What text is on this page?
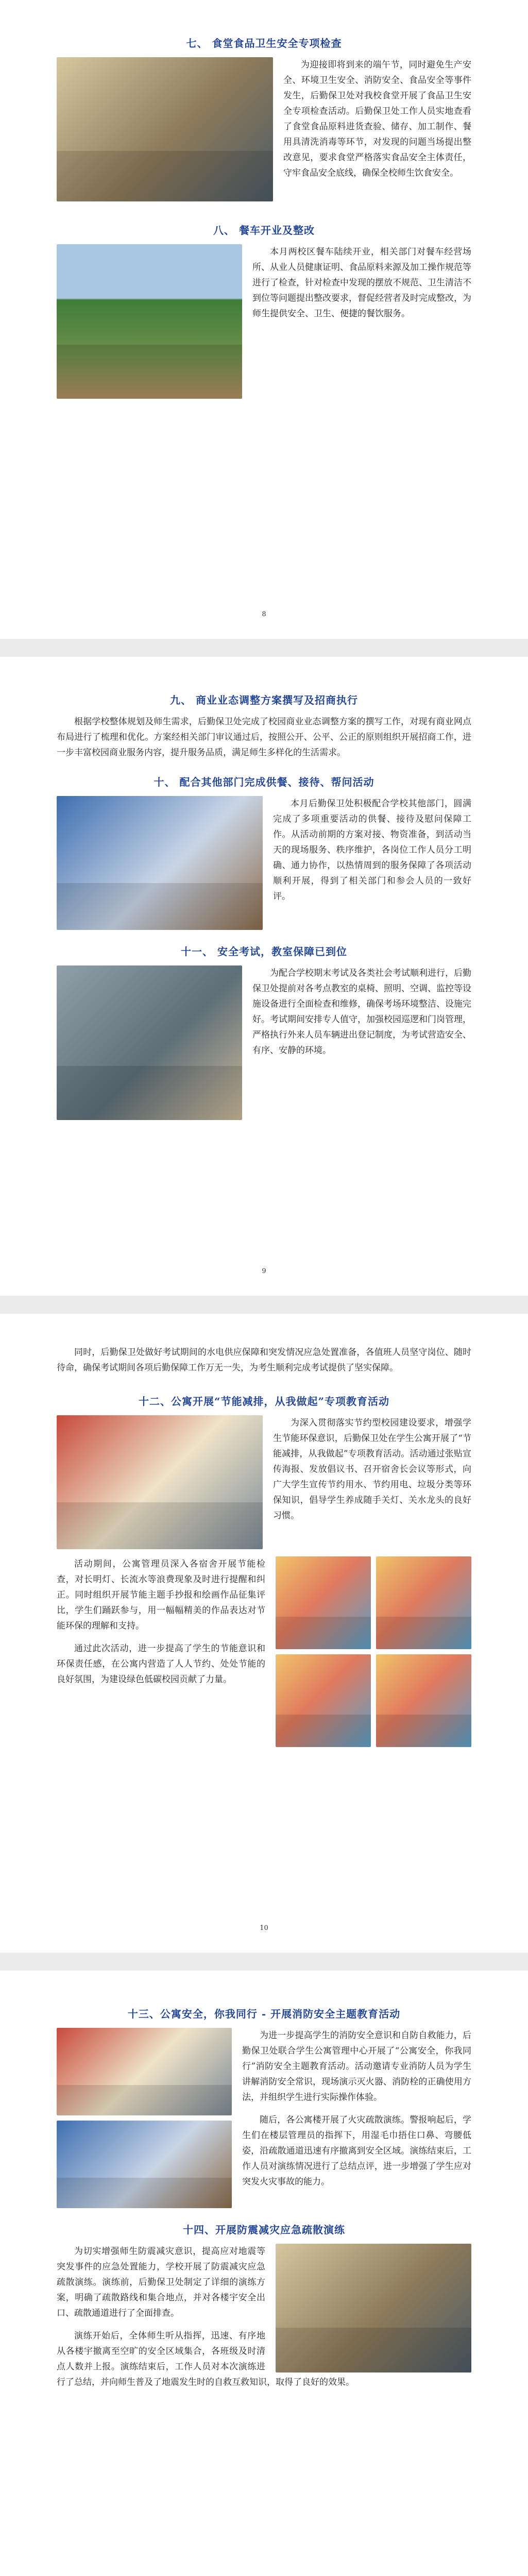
七、 食堂食品卫生安全专项检查

为迎接即将到来的端午节，同时避免生产安全、环境卫生安全、消防安全、食品安全等事件发生，后勤保卫处对我校食堂开展了食品卫生安全专项检查活动。后勤保卫处工作人员实地查看了食堂食品原料进货查验、储存、加工制作、餐用具清洗消毒等环节，对发现的问题当场提出整改意见，要求食堂严格落实食品安全主体责任，守牢食品安全底线，确保全校师生饮食安全。

八、 餐车开业及整改

本月两校区餐车陆续开业，相关部门对餐车经营场所、从业人员健康证明、食品原料来源及加工操作规范等进行了检查，针对检查中发现的摆放不规范、卫生清洁不到位等问题提出整改要求，督促经营者及时完成整改，为师生提供安全、卫生、便捷的餐饮服务。

8
九、 商业业态调整方案撰写及招商执行

根据学校整体规划及师生需求，后勤保卫处完成了校园商业业态调整方案的撰写工作，对现有商业网点布局进行了梳理和优化。方案经相关部门审议通过后，按照公开、公平、公正的原则组织开展招商工作，进一步丰富校园商业服务内容，提升服务品质，满足师生多样化的生活需求。

十、 配合其他部门完成供餐、接待、帮问活动

本月后勤保卫处积极配合学校其他部门，圆满完成了多项重要活动的供餐、接待及慰问保障工作。从活动前期的方案对接、物资准备，到活动当天的现场服务、秩序维护，各岗位工作人员分工明确、通力协作，以热情周到的服务保障了各项活动顺利开展，得到了相关部门和参会人员的一致好评。

十一、 安全考试，教室保障已到位

为配合学校期末考试及各类社会考试顺利进行，后勤保卫处提前对各考点教室的桌椅、照明、空调、监控等设施设备进行全面检查和维修，确保考场环境整洁、设施完好。考试期间安排专人值守，加强校园巡逻和门岗管理，严格执行外来人员车辆进出登记制度，为考试营造安全、有序、安静的环境。

9

同时，后勤保卫处做好考试期间的水电供应保障和突发情况应急处置准备，各值班人员坚守岗位、随时待命，确保考试期间各项后勤保障工作万无一失，为考生顺利完成考试提供了坚实保障。

十二、公寓开展“节能减排，从我做起”专项教育活动

为深入贯彻落实节约型校园建设要求，增强学生节能环保意识，后勤保卫处在学生公寓开展了“节能减排，从我做起”专项教育活动。活动通过张贴宣传海报、发放倡议书、召开宿舍长会议等形式，向广大学生宣传节约用水、节约用电、垃圾分类等环保知识，倡导学生养成随手关灯、关水龙头的良好习惯。

活动期间，公寓管理员深入各宿舍开展节能检查，对长明灯、长流水等浪费现象及时进行提醒和纠正。同时组织开展节能主题手抄报和绘画作品征集评比，学生们踊跃参与，用一幅幅精美的作品表达对节能环保的理解和支持。

通过此次活动，进一步提高了学生的节能意识和环保责任感，在公寓内营造了人人节约、处处节能的良好氛围，为建设绿色低碳校园贡献了力量。

10
十三、公寓安全，你我同行 - 开展消防安全主题教育活动

为进一步提高学生的消防安全意识和自防自救能力，后勤保卫处联合学生公寓管理中心开展了“公寓安全，你我同行”消防安全主题教育活动。活动邀请专业消防人员为学生讲解消防安全常识，现场演示灭火器、消防栓的正确使用方法，并组织学生进行实际操作体验。

随后，各公寓楼开展了火灾疏散演练。警报响起后，学生们在楼层管理员的指挥下，用湿毛巾捂住口鼻、弯腰低姿，沿疏散通道迅速有序撤离到安全区域。演练结束后，工作人员对演练情况进行了总结点评，进一步增强了学生应对突发火灾事故的能力。

十四、开展防震减灾应急疏散演练

为切实增强师生防震减灾意识，提高应对地震等突发事件的应急处置能力，学校开展了防震减灾应急疏散演练。演练前，后勤保卫处制定了详细的演练方案，明确了疏散路线和集合地点，并对各楼宇安全出口、疏散通道进行了全面排查。

演练开始后，全体师生听从指挥，迅速、有序地从各楼宇撤离至空旷的安全区域集合，各班级及时清点人数并上报。演练结束后，工作人员对本次演练进行了总结，并向师生普及了地震发生时的自救互救知识，取得了良好的效果。
